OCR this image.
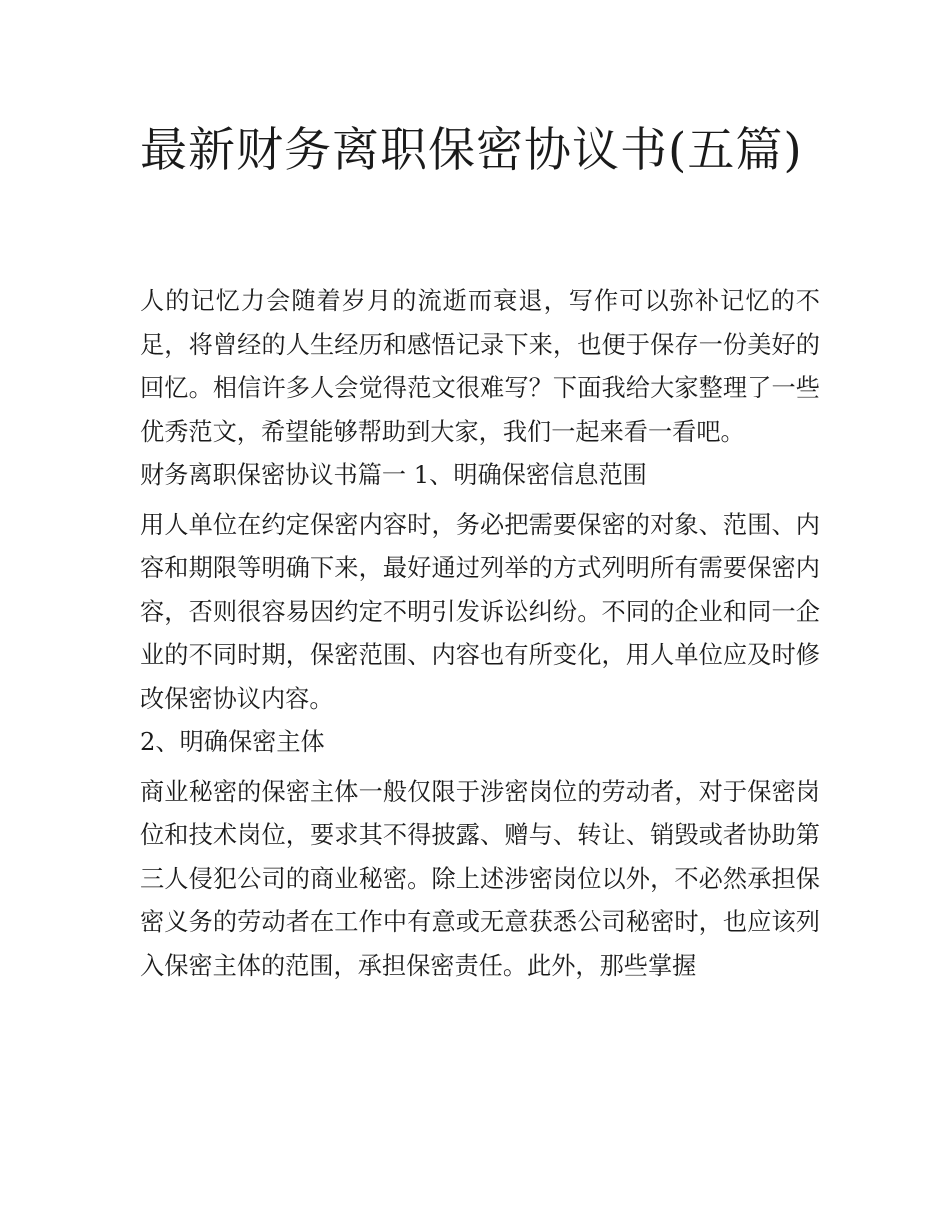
最新财务离职保密协议书(五篇)

人的记忆力会随着岁月的流逝而衰退，写作可以弥补记忆的不足，将曾经的人生经历和感悟记录下来，也便于保存一份美好的回忆。相信许多人会觉得范文很难写？下面我给大家整理了一些优秀范文，希望能够帮助到大家，我们一起来看一看吧。

财务离职保密协议书篇一 1、明确保密信息范围

用人单位在约定保密内容时，务必把需要保密的对象、范围、内容和期限等明确下来，最好通过列举的方式列明所有需要保密内容，否则很容易因约定不明引发诉讼纠纷。不同的企业和同一企业的不同时期，保密范围、内容也有所变化，用人单位应及时修改保密协议内容。

2、明确保密主体

商业秘密的保密主体一般仅限于涉密岗位的劳动者，对于保密岗位和技术岗位，要求其不得披露、赠与、转让、销毁或者协助第三人侵犯公司的商业秘密。除上述涉密岗位以外，不必然承担保密义务的劳动者在工作中有意或无意获悉公司秘密时，也应该列入保密主体的范围，承担保密责任。此外，那些掌握
